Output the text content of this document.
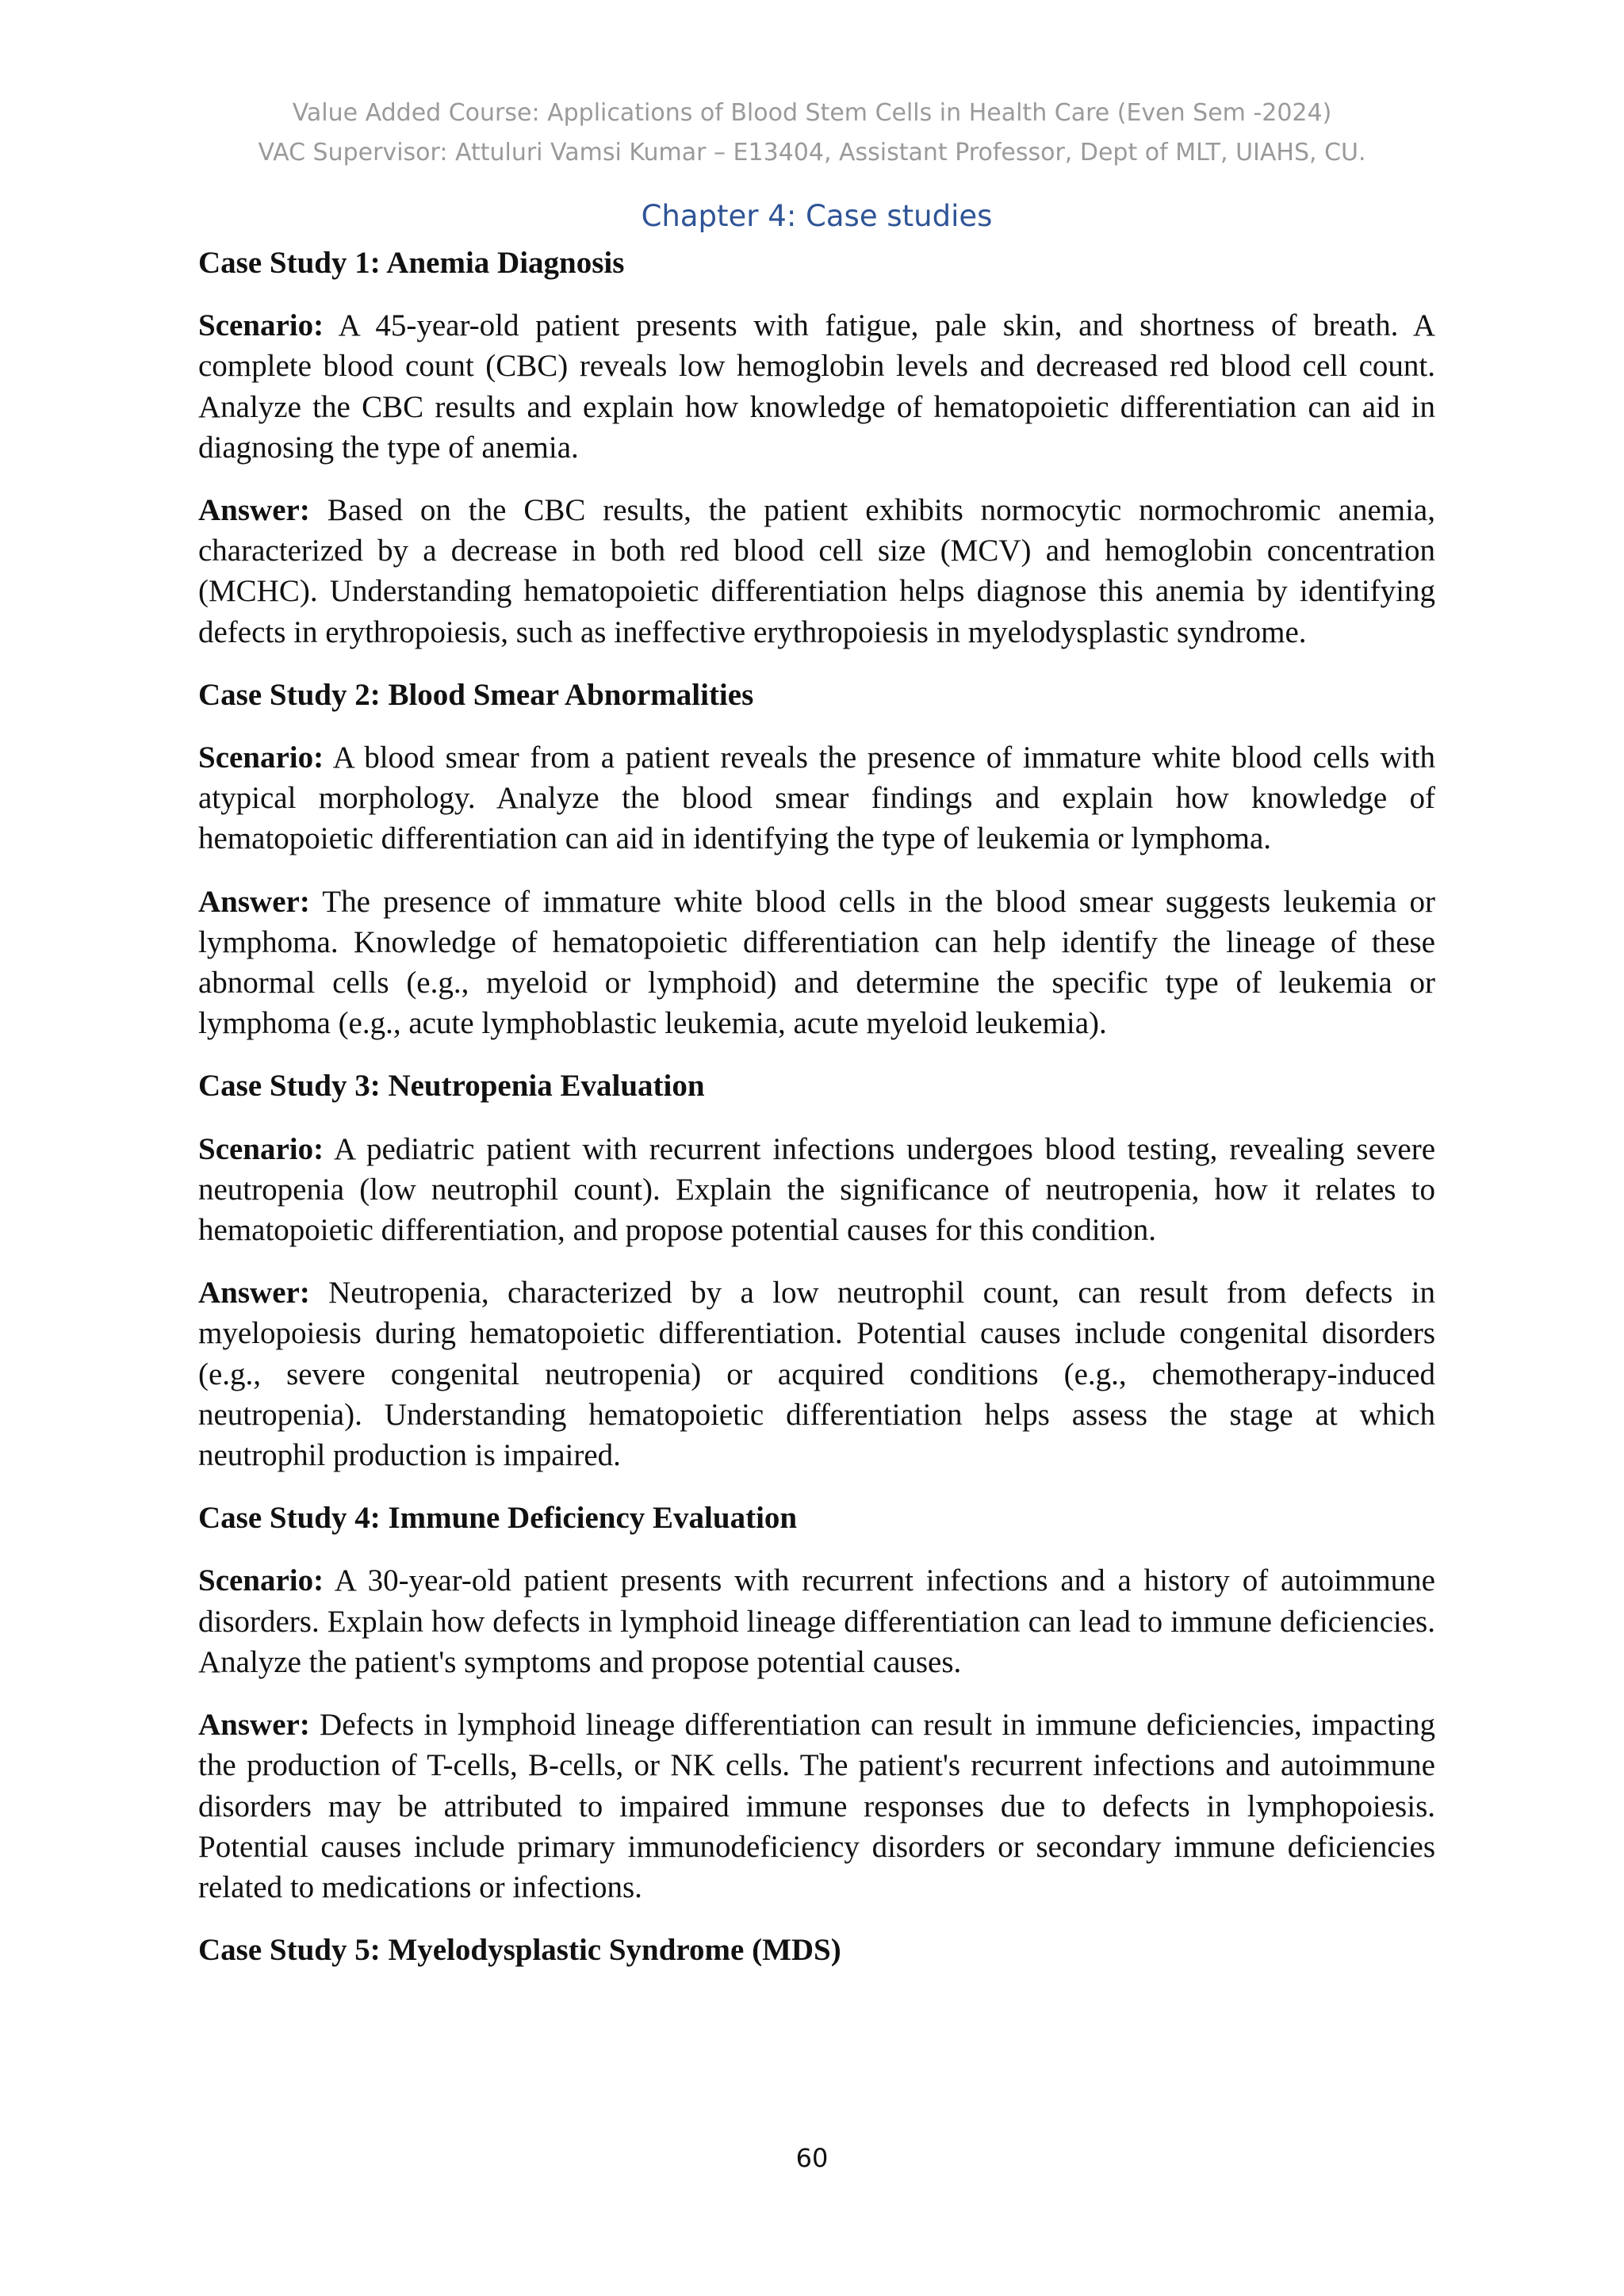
Value Added Course: Applications of Blood Stem Cells in Health Care (Even Sem -2024)
VAC Supervisor: Attuluri Vamsi Kumar – E13404, Assistant Professor, Dept of MLT, UIAHS, CU.
Chapter 4: Case studies
Case Study 1: Anemia Diagnosis

Scenario: A 45-year-old patient presents with fatigue, pale skin, and shortness of breath. A complete blood count (CBC) reveals low hemoglobin levels and decreased red blood cell count. Analyze the CBC results and explain how knowledge of hematopoietic differentiation can aid in diagnosing the type of anemia.

Answer: Based on the CBC results, the patient exhibits normocytic normochromic anemia, characterized by a decrease in both red blood cell size (MCV) and hemoglobin concentration (MCHC). Understanding hematopoietic differentiation helps diagnose this anemia by identifying defects in erythropoiesis, such as ineffective erythropoiesis in myelodysplastic syndrome.

Case Study 2: Blood Smear Abnormalities

Scenario: A blood smear from a patient reveals the presence of immature white blood cells with atypical morphology. Analyze the blood smear findings and explain how knowledge of hematopoietic differentiation can aid in identifying the type of leukemia or lymphoma.

Answer: The presence of immature white blood cells in the blood smear suggests leukemia or lymphoma. Knowledge of hematopoietic differentiation can help identify the lineage of these abnormal cells (e.g., myeloid or lymphoid) and determine the specific type of leukemia or lymphoma (e.g., acute lymphoblastic leukemia, acute myeloid leukemia).

Case Study 3: Neutropenia Evaluation

Scenario: A pediatric patient with recurrent infections undergoes blood testing, revealing severe neutropenia (low neutrophil count). Explain the significance of neutropenia, how it relates to hematopoietic differentiation, and propose potential causes for this condition.

Answer: Neutropenia, characterized by a low neutrophil count, can result from defects in myelopoiesis during hematopoietic differentiation. Potential causes include congenital disorders (e.g., severe congenital neutropenia) or acquired conditions (e.g., chemotherapy-induced neutropenia). Understanding hematopoietic differentiation helps assess the stage at which neutrophil production is impaired.

Case Study 4: Immune Deficiency Evaluation

Scenario: A 30-year-old patient presents with recurrent infections and a history of autoimmune disorders. Explain how defects in lymphoid lineage differentiation can lead to immune deficiencies. Analyze the patient's symptoms and propose potential causes.

Answer: Defects in lymphoid lineage differentiation can result in immune deficiencies, impacting the production of T-cells, B-cells, or NK cells. The patient's recurrent infections and autoimmune disorders may be attributed to impaired immune responses due to defects in lymphopoiesis. Potential causes include primary immunodeficiency disorders or secondary immune deficiencies related to medications or infections.

Case Study 5: Myelodysplastic Syndrome (MDS)
60
